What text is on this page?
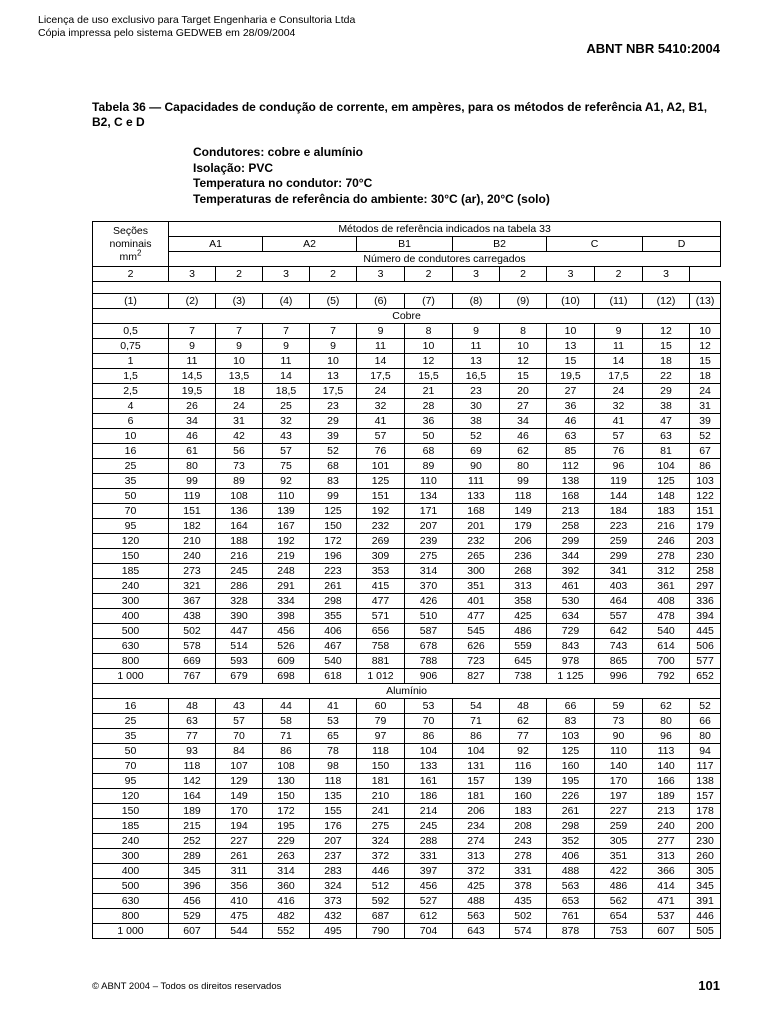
Licença de uso exclusivo para Target Engenharia e Consultoria Ltda
Cópia impressa pelo sistema GEDWEB em 28/09/2004
ABNT NBR 5410:2004
Tabela 36 — Capacidades de condução de corrente, em ampères, para os métodos de referência A1, A2, B1, B2, C e D
Condutores: cobre e alumínio
Isolação: PVC
Temperatura no condutor: 70°C
Temperaturas de referência do ambiente: 30°C (ar), 20°C (solo)
Seções
nominais
$mm^2$	Métodos de referência indicados na tabela 33											
	A1		A2		B1		B2		C		D	
	Número de condutores carregados											
2	3	2	3	2	3	2	3	2	3	2	3	

(1)	(2)	(3)	(4)	(5)	(6)	(7)	(8)	(9)	(10)	(11)	(12)	(13)
Cobre												
0,5	7	7	7	7	9	8	9	8	10	9	12	10
0,75	9	9	9	9	11	10	11	10	13	11	15	12
1	11	10	11	10	14	12	13	12	15	14	18	15
1,5	14,5	13,5	14	13	17,5	15,5	16,5	15	19,5	17,5	22	18
2,5	19,5	18	18,5	17,5	24	21	23	20	27	24	29	24
4	26	24	25	23	32	28	30	27	36	32	38	31
6	34	31	32	29	41	36	38	34	46	41	47	39
10	46	42	43	39	57	50	52	46	63	57	63	52
16	61	56	57	52	76	68	69	62	85	76	81	67
25	80	73	75	68	101	89	90	80	112	96	104	86
35	99	89	92	83	125	110	111	99	138	119	125	103
50	119	108	110	99	151	134	133	118	168	144	148	122
70	151	136	139	125	192	171	168	149	213	184	183	151
95	182	164	167	150	232	207	201	179	258	223	216	179
120	210	188	192	172	269	239	232	206	299	259	246	203
150	240	216	219	196	309	275	265	236	344	299	278	230
185	273	245	248	223	353	314	300	268	392	341	312	258
240	321	286	291	261	415	370	351	313	461	403	361	297
300	367	328	334	298	477	426	401	358	530	464	408	336
400	438	390	398	355	571	510	477	425	634	557	478	394
500	502	447	456	406	656	587	545	486	729	642	540	445
630	578	514	526	467	758	678	626	559	843	743	614	506
800	669	593	609	540	881	788	723	645	978	865	700	577
1 000	767	679	698	618	1 012	906	827	738	1 125	996	792	652
Alumínio												
16	48	43	44	41	60	53	54	48	66	59	62	52
25	63	57	58	53	79	70	71	62	83	73	80	66
35	77	70	71	65	97	86	86	77	103	90	96	80
50	93	84	86	78	118	104	104	92	125	110	113	94
70	118	107	108	98	150	133	131	116	160	140	140	117
95	142	129	130	118	181	161	157	139	195	170	166	138
120	164	149	150	135	210	186	181	160	226	197	189	157
150	189	170	172	155	241	214	206	183	261	227	213	178
185	215	194	195	176	275	245	234	208	298	259	240	200
240	252	227	229	207	324	288	274	243	352	305	277	230
300	289	261	263	237	372	331	313	278	406	351	313	260
400	345	311	314	283	446	397	372	331	488	422	366	305
500	396	356	360	324	512	456	425	378	563	486	414	345
630	456	410	416	373	592	527	488	435	653	562	471	391
800	529	475	482	432	687	612	563	502	761	654	537	446
1 000	607	544	552	495	790	704	643	574	878	753	607	505
© ABNT 2004 – Todos os direitos reservados	101
